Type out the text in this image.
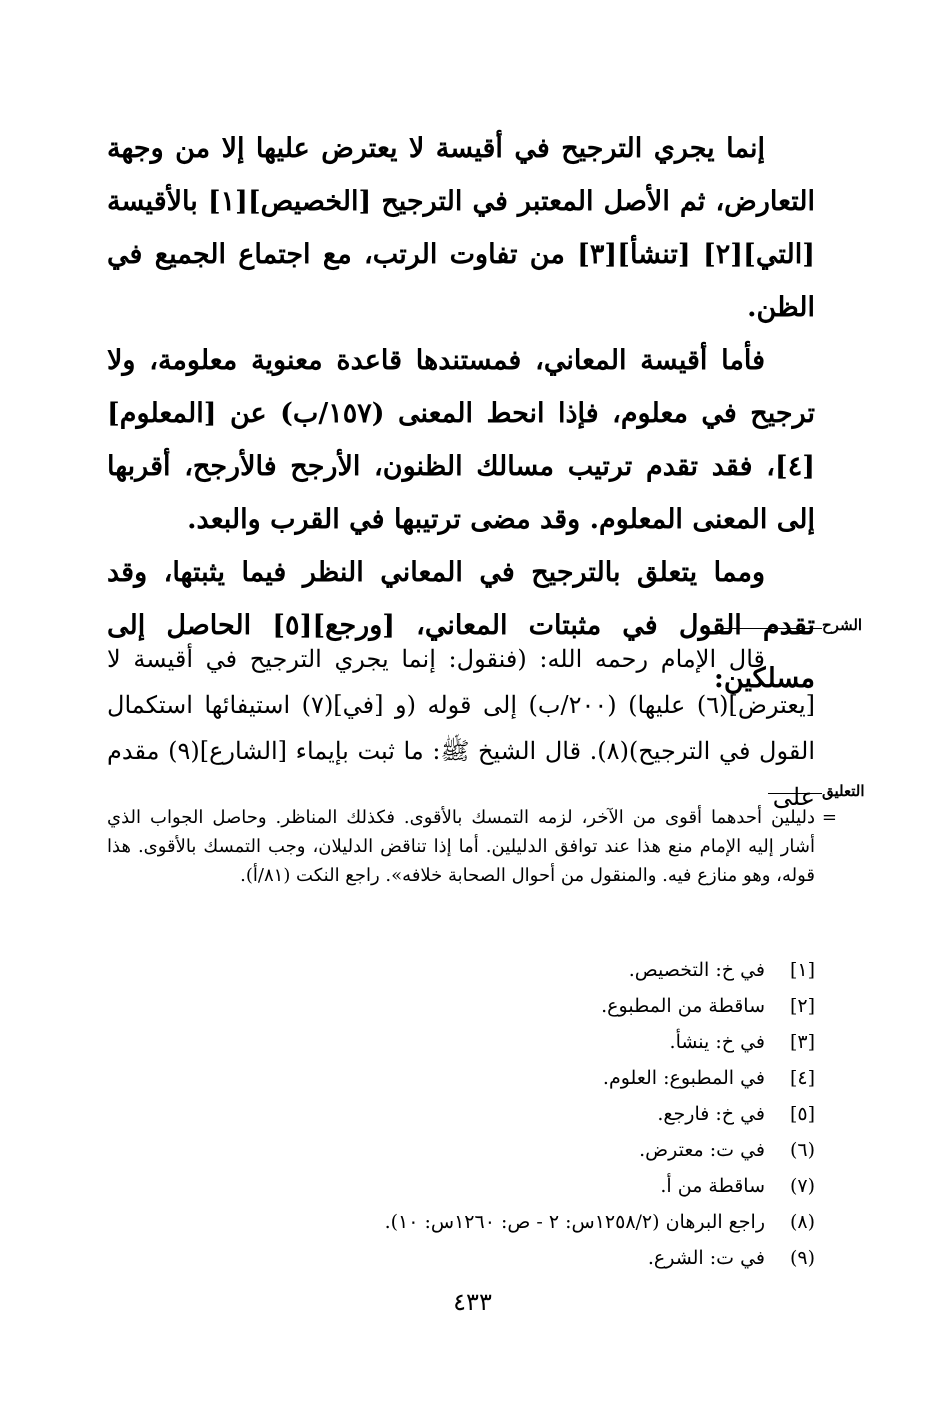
إنما يجري الترجيح في أقيسة لا يعترض عليها إلا من وجهة التعارض، ثم الأصل المعتبر في الترجيح [الخصيص][١] بالأقيسة [التي][٢] [تنشأ][٣] من تفاوت الرتب، مع اجتماع الجميع في الظن.

فأما أقيسة المعاني، فمستندها قاعدة معنوية معلومة، ولا ترجيح في معلوم، فإذا انحط المعنى (١٥٧/ب) عن [المعلوم][٤]، فقد تقدم ترتيب مسالك الظنون، الأرجح فالأرجح، أقربها إلى المعنى المعلوم. وقد مضى ترتيبها في القرب والبعد.

ومما يتعلق بالترجيح في المعاني النظر فيما يثبتها، وقد تقدم القول في مثبتات المعاني، [ورجع][٥] الحاصل إلى مسلكين:

الشرح

قال الإمام رحمه الله: (فنقول: إنما يجري الترجيح في أقيسة لا [يعترض](٦) عليها) (٢٠٠/ب) إلى قوله (و [في](٧) استيفائها استكمال القول في الترجيح)(٨). قال الشيخ ﷺ: ما ثبت بإيماء [الشارع](٩) مقدم على التعليق
=

دليلين أحدهما أقوى من الآخر، لزمه التمسك بالأقوى. فكذلك المناظر. وحاصل الجواب الذي أشار إليه الإمام منع هذا عند توافق الدليلين. أما إذا تناقض الدليلان، وجب التمسك بالأقوى. هذا قوله، وهو منازع فيه. والمنقول من أحوال الصحابة خلافه». راجع النكت (٨١/أ).

[١]
في خ: التخصيص.
[٢]
ساقطة من المطبوع.
[٣]
في خ: ينشأ.
[٤]
في المطبوع: العلوم.
[٥]
في خ: فارجع.
(٦)
في ت: معترض.
(٧)
ساقطة من أ.
(٨)
راجع البرهان (١٢٥٨/٢س: ٢ - ص: ١٢٦٠س: ١٠).
(٩)
في ت: الشرع.
٤٣٣
